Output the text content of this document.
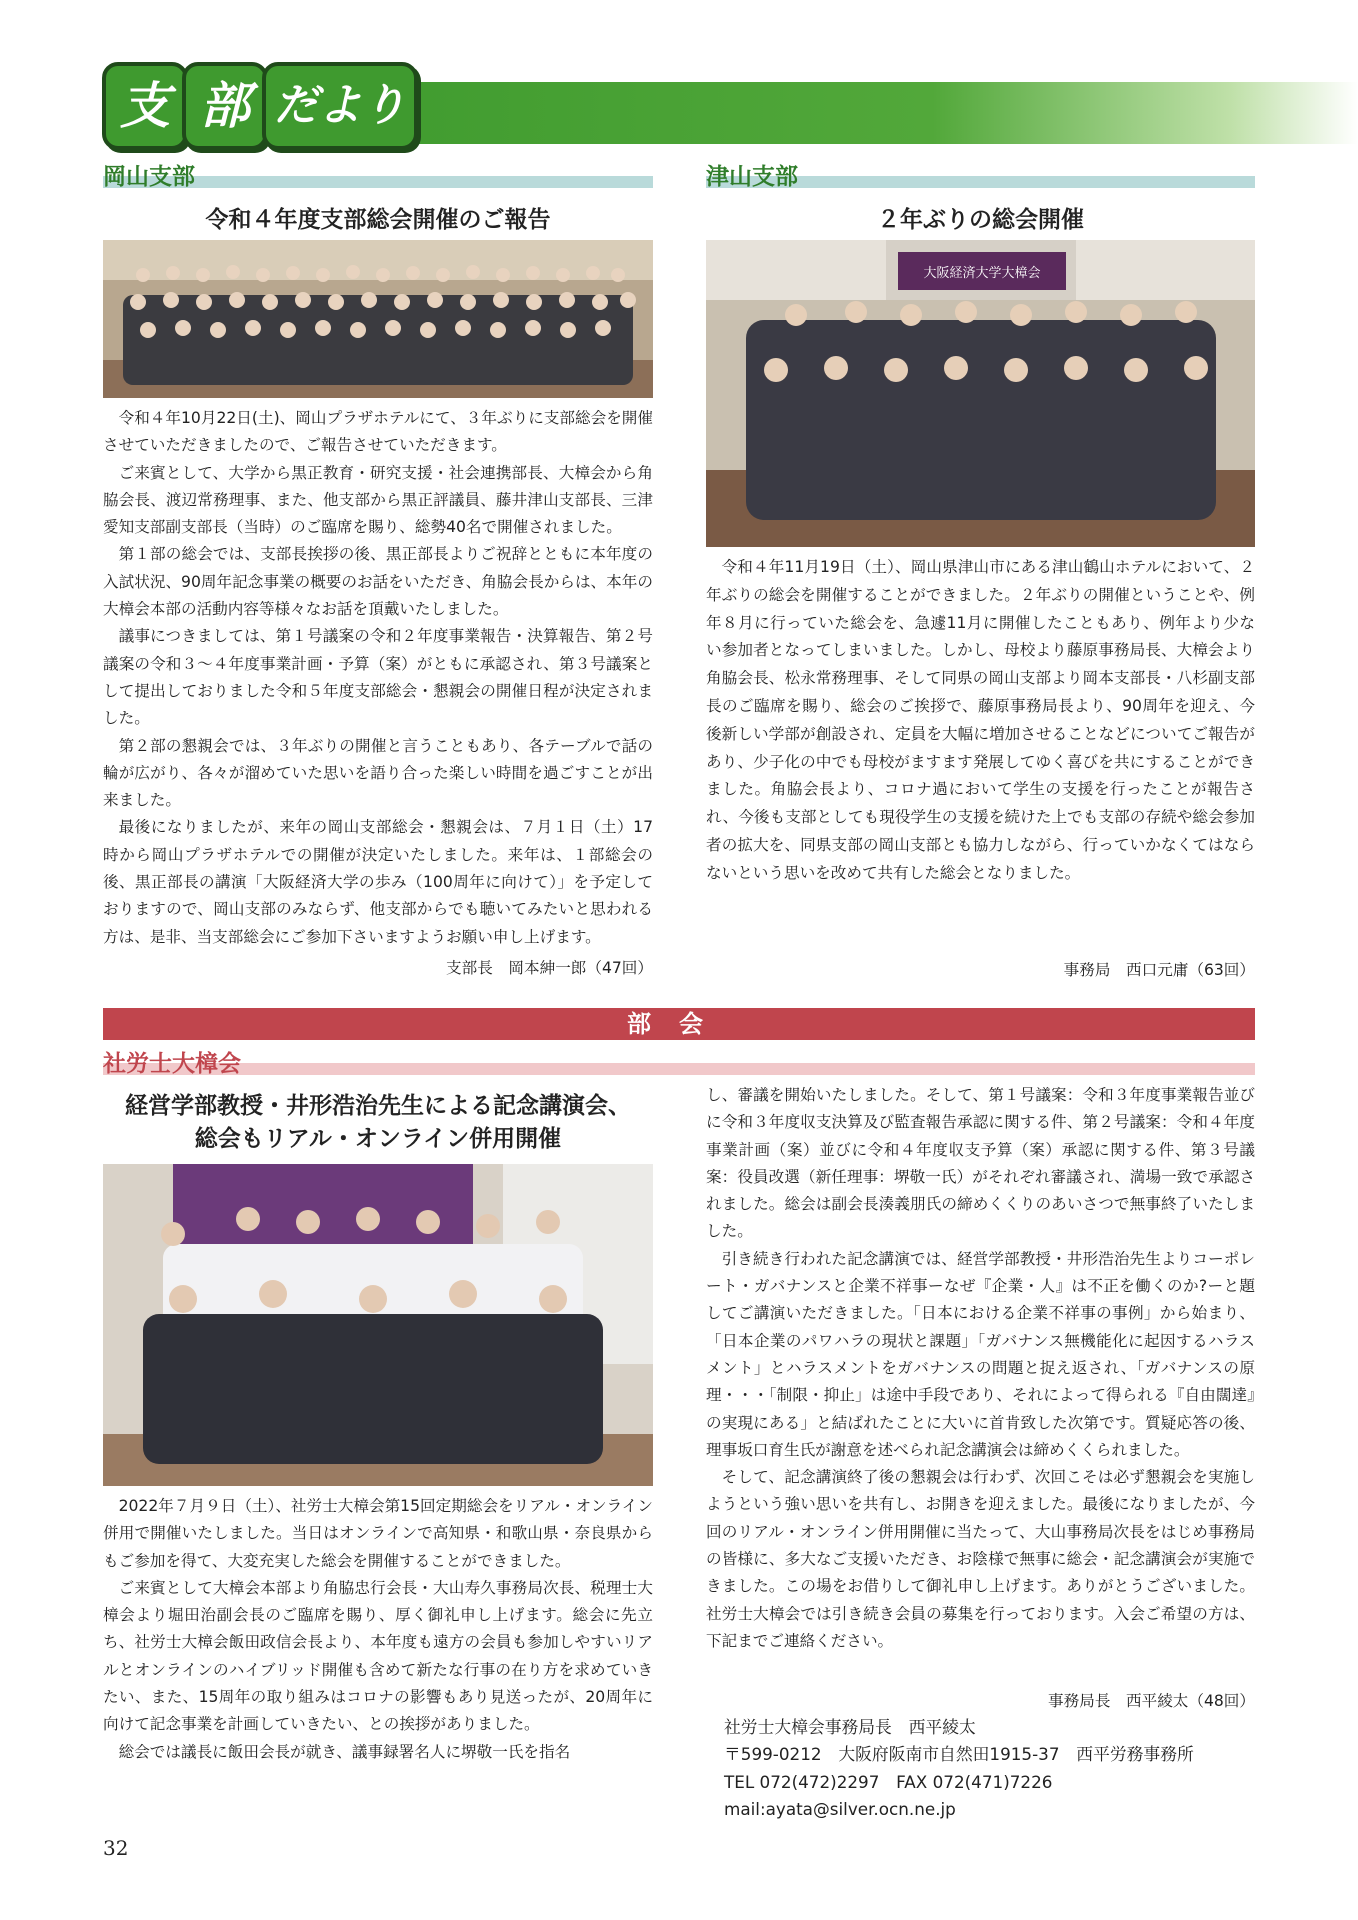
支 部 だより
岡山支部
令和４年度支部総会開催のご報告

令和４年10月22日(土)、岡山プラザホテルにて、３年ぶりに支部総会を開催させていただきましたので、ご報告させていただきます。

ご来賓として、大学から黒正教育・研究支援・社会連携部長、大樟会から角脇会長、渡辺常務理事、また、他支部から黒正評議員、藤井津山支部長、三津愛知支部副支部長（当時）のご臨席を賜り、総勢40名で開催されました。

第１部の総会では、支部長挨拶の後、黒正部長よりご祝辞とともに本年度の入試状況、90周年記念事業の概要のお話をいただき、角脇会長からは、本年の大樟会本部の活動内容等様々なお話を頂戴いたしました。

議事につきましては、第１号議案の令和２年度事業報告・決算報告、第２号議案の令和３～４年度事業計画・予算（案）がともに承認され、第３号議案として提出しておりました令和５年度支部総会・懇親会の開催日程が決定されました。

第２部の懇親会では、３年ぶりの開催と言うこともあり、各テーブルで話の輪が広がり、各々が溜めていた思いを語り合った楽しい時間を過ごすことが出来ました。

最後になりましたが、来年の岡山支部総会・懇親会は、７月１日（土）17時から岡山プラザホテルでの開催が決定いたしました。来年は、１部総会の後、黒正部長の講演「大阪経済大学の歩み（100周年に向けて）」を予定しておりますので、岡山支部のみならず、他支部からでも聴いてみたいと思われる方は、是非、当支部総会にご参加下さいますようお願い申し上げます。

支部長　岡本紳一郎（47回）
津山支部
２年ぶりの総会開催
大阪経済大学大樟会

令和４年11月19日（土）、岡山県津山市にある津山鶴山ホテルにおいて、２年ぶりの総会を開催することができました。２年ぶりの開催ということや、例年８月に行っていた総会を、急遽11月に開催したこともあり、例年より少ない参加者となってしまいました。しかし、母校より藤原事務局長、大樟会より角脇会長、松永常務理事、そして同県の岡山支部より岡本支部長・八杉副支部長のご臨席を賜り、総会のご挨拶で、藤原事務局長より、90周年を迎え、今後新しい学部が創設され、定員を大幅に増加させることなどについてご報告があり、少子化の中でも母校がますます発展してゆく喜びを共にすることができました。角脇会長より、コロナ過において学生の支援を行ったことが報告され、今後も支部としても現役学生の支援を続けた上でも支部の存続や総会参加者の拡大を、同県支部の岡山支部とも協力しながら、行っていかなくてはならないという思いを改めて共有した総会となりました。

事務局　西口元庸（63回）
部会
社労士大樟会
経営学部教授・井形浩治先生による記念講演会、
総会もリアル・オンライン併用開催

2022年７月９日（土）、社労士大樟会第15回定期総会をリアル・オンライン併用で開催いたしました。当日はオンラインで高知県・和歌山県・奈良県からもご参加を得て、大変充実した総会を開催することができました。

ご来賓として大樟会本部より角脇忠行会長・大山寿久事務局次長、税理士大樟会より堀田治副会長のご臨席を賜り、厚く御礼申し上げます。総会に先立ち、社労士大樟会飯田政信会長より、本年度も遠方の会員も参加しやすいリアルとオンラインのハイブリッド開催も含めて新たな行事の在り方を求めていきたい、また、15周年の取り組みはコロナの影響もあり見送ったが、20周年に向けて記念事業を計画していきたい、との挨拶がありました。

総会では議長に飯田会長が就き、議事録署名人に堺敬一氏を指名

し、審議を開始いたしました。そして、第１号議案：令和３年度事業報告並びに令和３年度収支決算及び監査報告承認に関する件、第２号議案：令和４年度事業計画（案）並びに令和４年度収支予算（案）承認に関する件、第３号議案：役員改選（新任理事：堺敬一氏）がそれぞれ審議され、満場一致で承認されました。総会は副会長湊義朋氏の締めくくりのあいさつで無事終了いたしました。

引き続き行われた記念講演では、経営学部教授・井形浩治先生よりコーポレート・ガバナンスと企業不祥事ーなぜ『企業・人』は不正を働くのか?ーと題してご講演いただきました。「日本における企業不祥事の事例」から始まり、「日本企業のパワハラの現状と課題」「ガバナンス無機能化に起因するハラスメント」とハラスメントをガバナンスの問題と捉え返され、「ガバナンスの原理・・・「制限・抑止」は途中手段であり、それによって得られる『自由闊達』の実現にある」と結ばれたことに大いに首肯致した次第です。質疑応答の後、理事坂口育生氏が謝意を述べられ記念講演会は締めくくられました。

そして、記念講演終了後の懇親会は行わず、次回こそは必ず懇親会を実施しようという強い思いを共有し、お開きを迎えました。最後になりましたが、今回のリアル・オンライン併用開催に当たって、大山事務局次長をはじめ事務局の皆様に、多大なご支援いただき、お陰様で無事に総会・記念講演会が実施できました。この場をお借りして御礼申し上げます。ありがとうございました。社労士大樟会では引き続き会員の募集を行っております。入会ご希望の方は、下記までご連絡ください。

事務局長　西平綾太（48回）
社労士大樟会事務局長　西平綾太
〒599-0212　大阪府阪南市自然田1915-37　西平労務事務所
TEL 072(472)2297　FAX 072(471)7226
mail:ayata@silver.ocn.ne.jp
32
